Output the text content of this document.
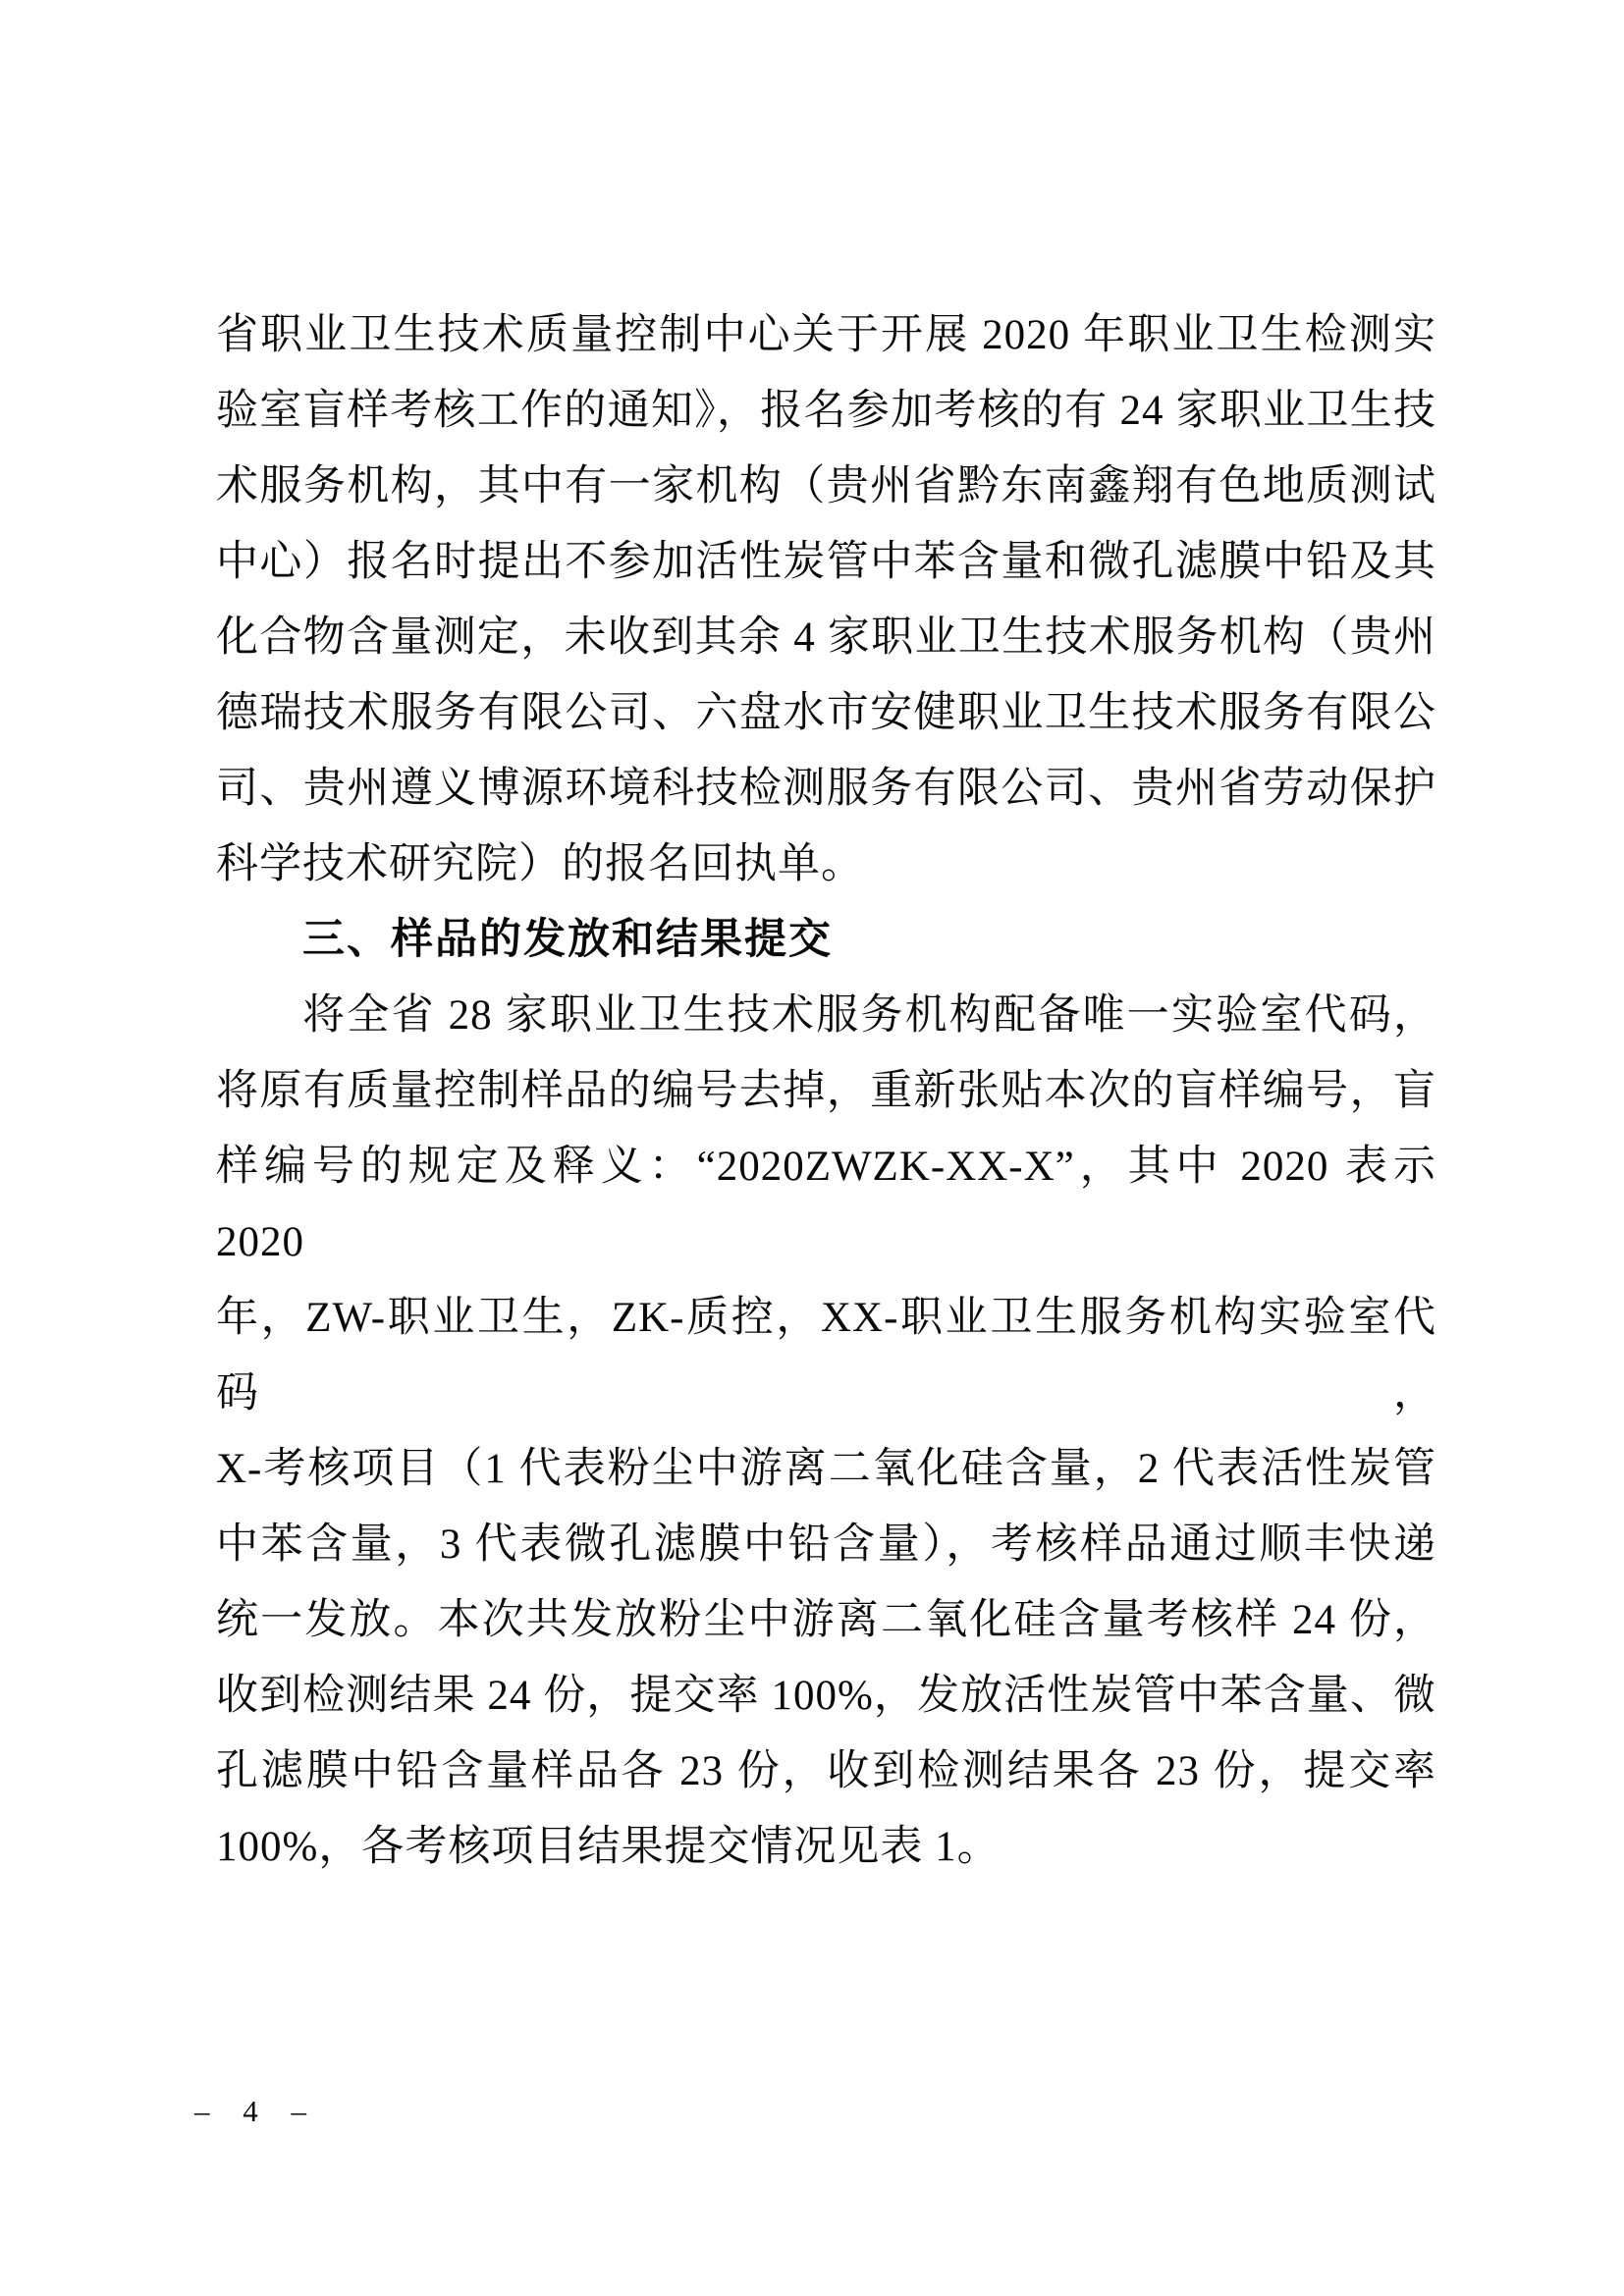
省职业卫生技术质量控制中心关于开展 2020 年职业卫生检测实

验室盲样考核工作的通知》，报名参加考核的有 24 家职业卫生技

术服务机构，其中有一家机构（贵州省黔东南鑫翔有色地质测试

中心）报名时提出不参加活性炭管中苯含量和微孔滤膜中铅及其

化合物含量测定，未收到其余 4 家职业卫生技术服务机构（贵州

德瑞技术服务有限公司、六盘水市安健职业卫生技术服务有限公

司、贵州遵义博源环境科技检测服务有限公司、贵州省劳动保护

科学技术研究院）的报名回执单。

三、样品的发放和结果提交

将全省 28 家职业卫生技术服务机构配备唯一实验室代码，

将原有质量控制样品的编号去掉，重新张贴本次的盲样编号，盲

样编号的规定及释义：“2020ZWZK-XX-X”，其中 2020 表示 2020

年，ZW-职业卫生，ZK-质控，XX-职业卫生服务机构实验室代码，

X-考核项目（1 代表粉尘中游离二氧化硅含量，2 代表活性炭管

中苯含量，3 代表微孔滤膜中铅含量），考核样品通过顺丰快递

统一发放。本次共发放粉尘中游离二氧化硅含量考核样 24 份，

收到检测结果 24 份，提交率 100%，发放活性炭管中苯含量、微

孔滤膜中铅含量样品各 23 份，收到检测结果各 23 份，提交率

100%，各考核项目结果提交情况见表 1。

– 4 –
